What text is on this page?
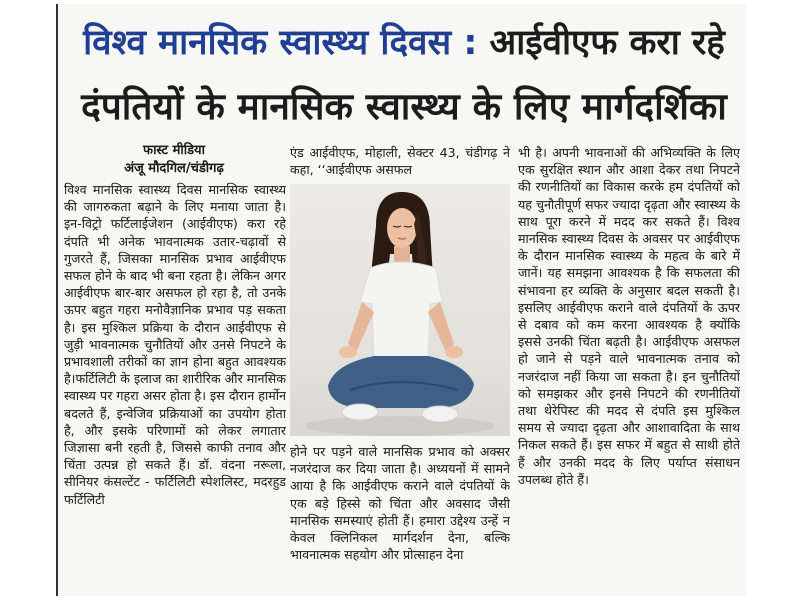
विश्व मानसिक स्वास्थ्य दिवस : आईवीएफ करा रहे
दंपतियों के मानसिक स्वास्थ्य के लिए मार्गदर्शिका
फास्ट मीडिया
अंजू मौदगिल/चंडीगढ़

विश्व मानसिक स्वास्थ्य दिवस मानसिक स्वास्थ्य की जागरुकता बढ़ाने के लिए मनाया जाता है। इन-विट्रो फर्टिलाईजेशन (आईवीएफ) करा रहे दंपति भी अनेक भावनात्मक उतार-चढ़ावों से गुजरते हैं, जिसका मानसिक प्रभाव आईवीएफ सफल होने के बाद भी बना रहता है। लेकिन अगर आईवीएफ बार-बार असफल हो रहा है, तो उनके ऊपर बहुत गहरा मनोवैज्ञानिक प्रभाव पड़ सकता है। इस मुश्किल प्रक्रिया के दौरान आईवीएफ से जुड़ी भावनात्मक चुनौतियों और उनसे निपटने के प्रभावशाली तरीकों का ज्ञान होना बहुत आवश्यक है।फर्टिलिटी के इलाज का शारीरिक और मानसिक स्वास्थ्य पर गहरा असर होता है। इस दौरान हार्मोन बदलते हैं, इन्वेजिव प्रक्रियाओं का उपयोग होता है, और इसके परिणामों को लेकर लगातार जिज्ञासा बनी रहती है, जिससे काफी तनाव और चिंता उत्पन्न हो सकते हैं। डॉ. वंदना नरूला, सीनियर कंसल्टेंट - फर्टिलिटी स्पेशलिस्ट, मदरहुड फर्टिलिटी

एंड आईवीएफ, मोहाली, सेक्टर 43, चंडीगढ़ ने कहा, ‘‘आईवीएफ असफल

होने पर पड़ने वाले मानसिक प्रभाव को अक्सर नजरंदाज कर दिया जाता है। अध्ययनों में सामने आया है कि आईवीएफ कराने वाले दंपतियों के एक बड़े हिस्से को चिंता और अवसाद जैसी मानसिक समस्याएं होती हैं। हमारा उद्देश्य उन्हें न केवल क्लिनिकल मार्गदर्शन देना, बल्कि भावनात्मक सहयोग और प्रोत्साहन देना

भी है। अपनी भावनाओं की अभिव्यक्ति के लिए एक सुरक्षित स्थान और आशा देकर तथा निपटने की रणनीतियों का विकास करके हम दंपतियों को यह चुनौतीपूर्ण सफर ज्यादा दृढ़ता और स्वास्थ्य के साथ पूरा करने में मदद कर सकते हैं। विश्व मानसिक स्वास्थ्य दिवस के अवसर पर आईवीएफ के दौरान मानसिक स्वास्थ्य के महत्व के बारे में जानें। यह समझना आवश्यक है कि सफलता की संभावना हर व्यक्ति के अनुसार बदल सकती है। इसलिए आईवीएफ कराने वाले दंपतियों के ऊपर से दबाव को कम करना आवश्यक है क्योंकि इससे उनकी चिंता बढ़ती है। आईवीएफ असफल हो जाने से पड़ने वाले भावनात्मक तनाव को नजरंदाज नहीं किया जा सकता है। इन चुनौतियों को समझकर और इनसे निपटने की रणनीतियों तथा थेरेपिस्ट की मदद से दंपति इस मुश्किल समय से ज्यादा दृढ़ता और आशावादिता के साथ निकल सकते हैं। इस सफर में बहुत से साथी होते हैं और उनकी मदद के लिए पर्याप्त संसाधन उपलब्ध होते हैं।
